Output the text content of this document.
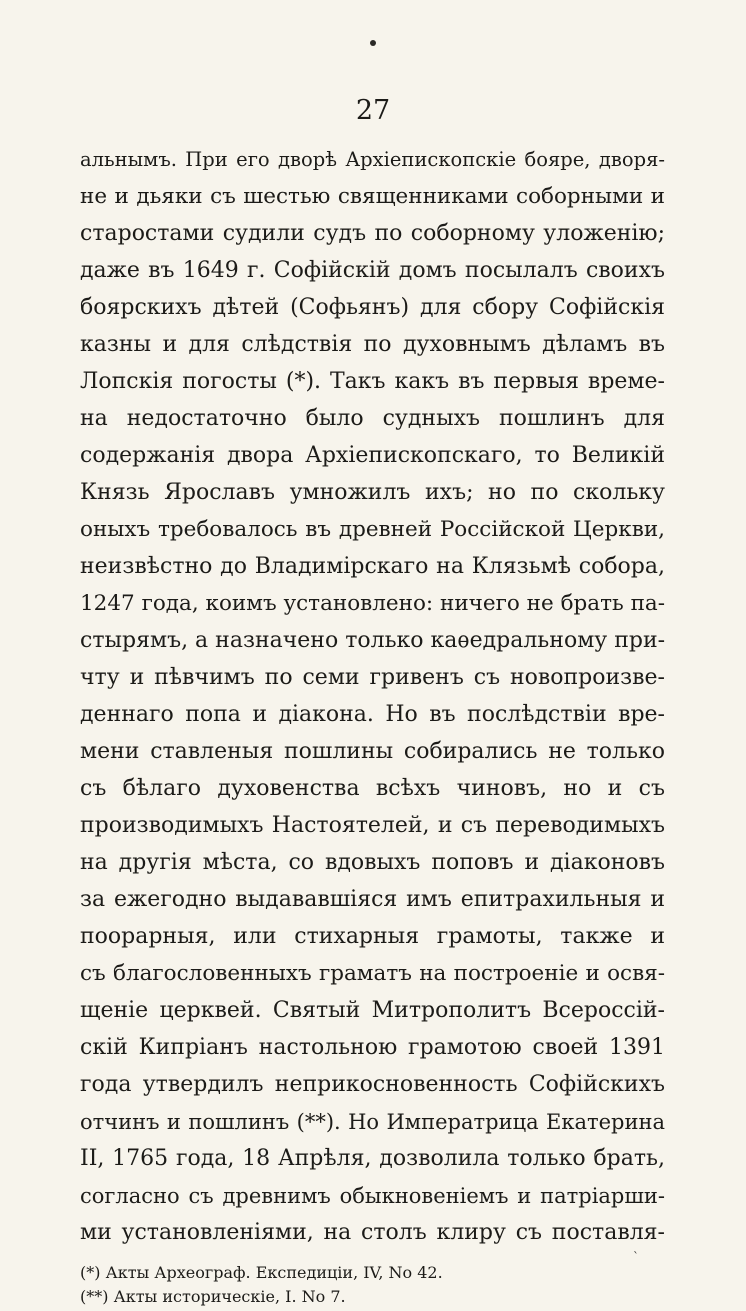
27
альнымъ. При его дворѣ Архіепископскіе бояре, дворя-
не и дьяки съ шестью священниками соборными и
старостами судили судъ по соборному уложенію;
даже въ 1649 г. Софійскій домъ посылалъ своихъ
боярскихъ дѣтей (Софьянъ) для сбору Софійскія
казны и для слѣдствія по духовнымъ дѣламъ въ
Лопскія погосты (*). Такъ какъ въ первыя време-
на недостаточно было судныхъ пошлинъ для
содержанія двора Архіепископскаго, то Великій
Князь Ярославъ умножилъ ихъ; но по скольку
оныхъ требовалось въ древней Россійской Церкви,
неизвѣстно до Владимірскаго на Клязьмѣ собора,
1247 года, коимъ установлено: ничего не брать па-
стырямъ, а назначено только каѳедральному при-
чту и пѣвчимъ по семи гривенъ съ новопроизве-
деннаго попа и діакона. Но въ послѣдствіи вре-
мени ставленыя пошлины собирались не только
съ бѣлаго духовенства всѣхъ чиновъ, но и съ
производимыхъ Настоятелей, и съ переводимыхъ
на другія мѣста, со вдовыхъ поповъ и діаконовъ
за ежегодно выдававшіяся имъ епитрахильныя и
поорарныя, или стихарныя грамоты, также и
съ благословенныхъ граматъ на построеніе и освя-
щеніе церквей. Святый Митрополитъ Всероссій-
скій Кипріанъ настольною грамотою своей 1391
года утвердилъ неприкосновенность Софійскихъ
отчинъ и пошлинъ (**). Но Императрица Екатерина
II, 1765 года, 18 Апрѣля, дозволила только брать,
согласно съ древнимъ обыкновеніемъ и патріарши-
ми установленіями, на столъ клиру съ поставля-
ˋ
(*) Акты Археограф. Експедиціи, IV, No 42.
(**) Акты историческіе, I. No 7.
